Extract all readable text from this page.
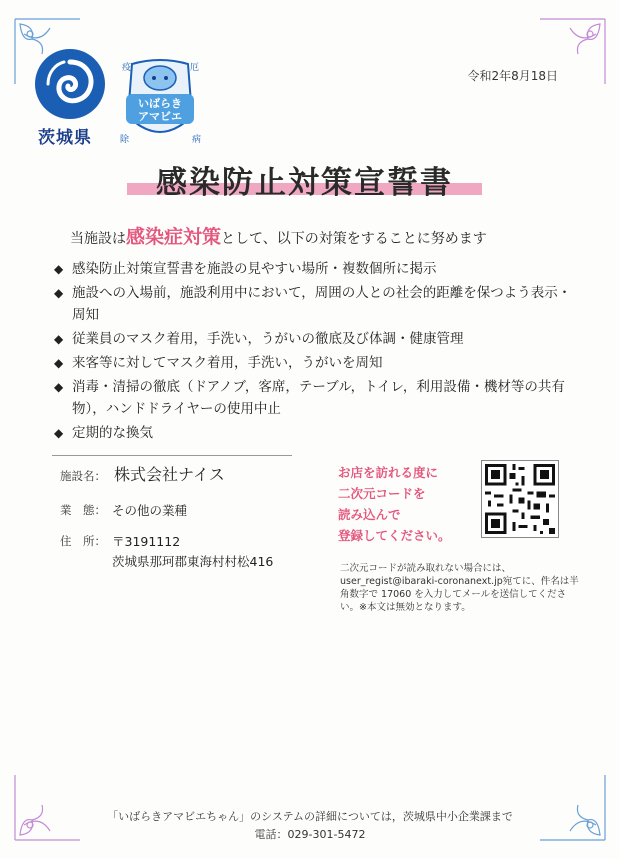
茨城県
疫	厄
除	病
いばらき
アマビエ
令和2年8月18日
感染防止対策宣誓書
当施設は感染症対策として、以下の対策をすることに努めます
◆ 感染防止対策宣誓書を施設の見やすい場所・複数個所に掲示
◆ 施設への入場前，施設利用中において，周囲の人との社会的距離を保つよう表示・周知
◆ 従業員のマスク着用，手洗い，うがいの徹底及び体調・健康管理
◆ 来客等に対してマスク着用，手洗い，うがいを周知
◆ 消毒・清掃の徹底（ドアノブ，客席，テーブル，トイレ，利用設備・機材等の共有物），ハンドドライヤーの使用中止
◆ 定期的な換気
施設名： 株式会社ナイス
業　態： その他の業種
住　所： 〒3191112
茨城県那珂郡東海村村松416
お店を訪れる度に
二次元コードを
読み込んで
登録してください。
二次元コードが読み取れない場合には、user_regist@ibaraki-coronanext.jp宛てに、件名は半角数字で 17060 を入力してメールを送信してください。※本文は無効となります。
「いばらきアマビエちゃん」のシステムの詳細については，茨城県中小企業課まで
電話：029-301-5472
